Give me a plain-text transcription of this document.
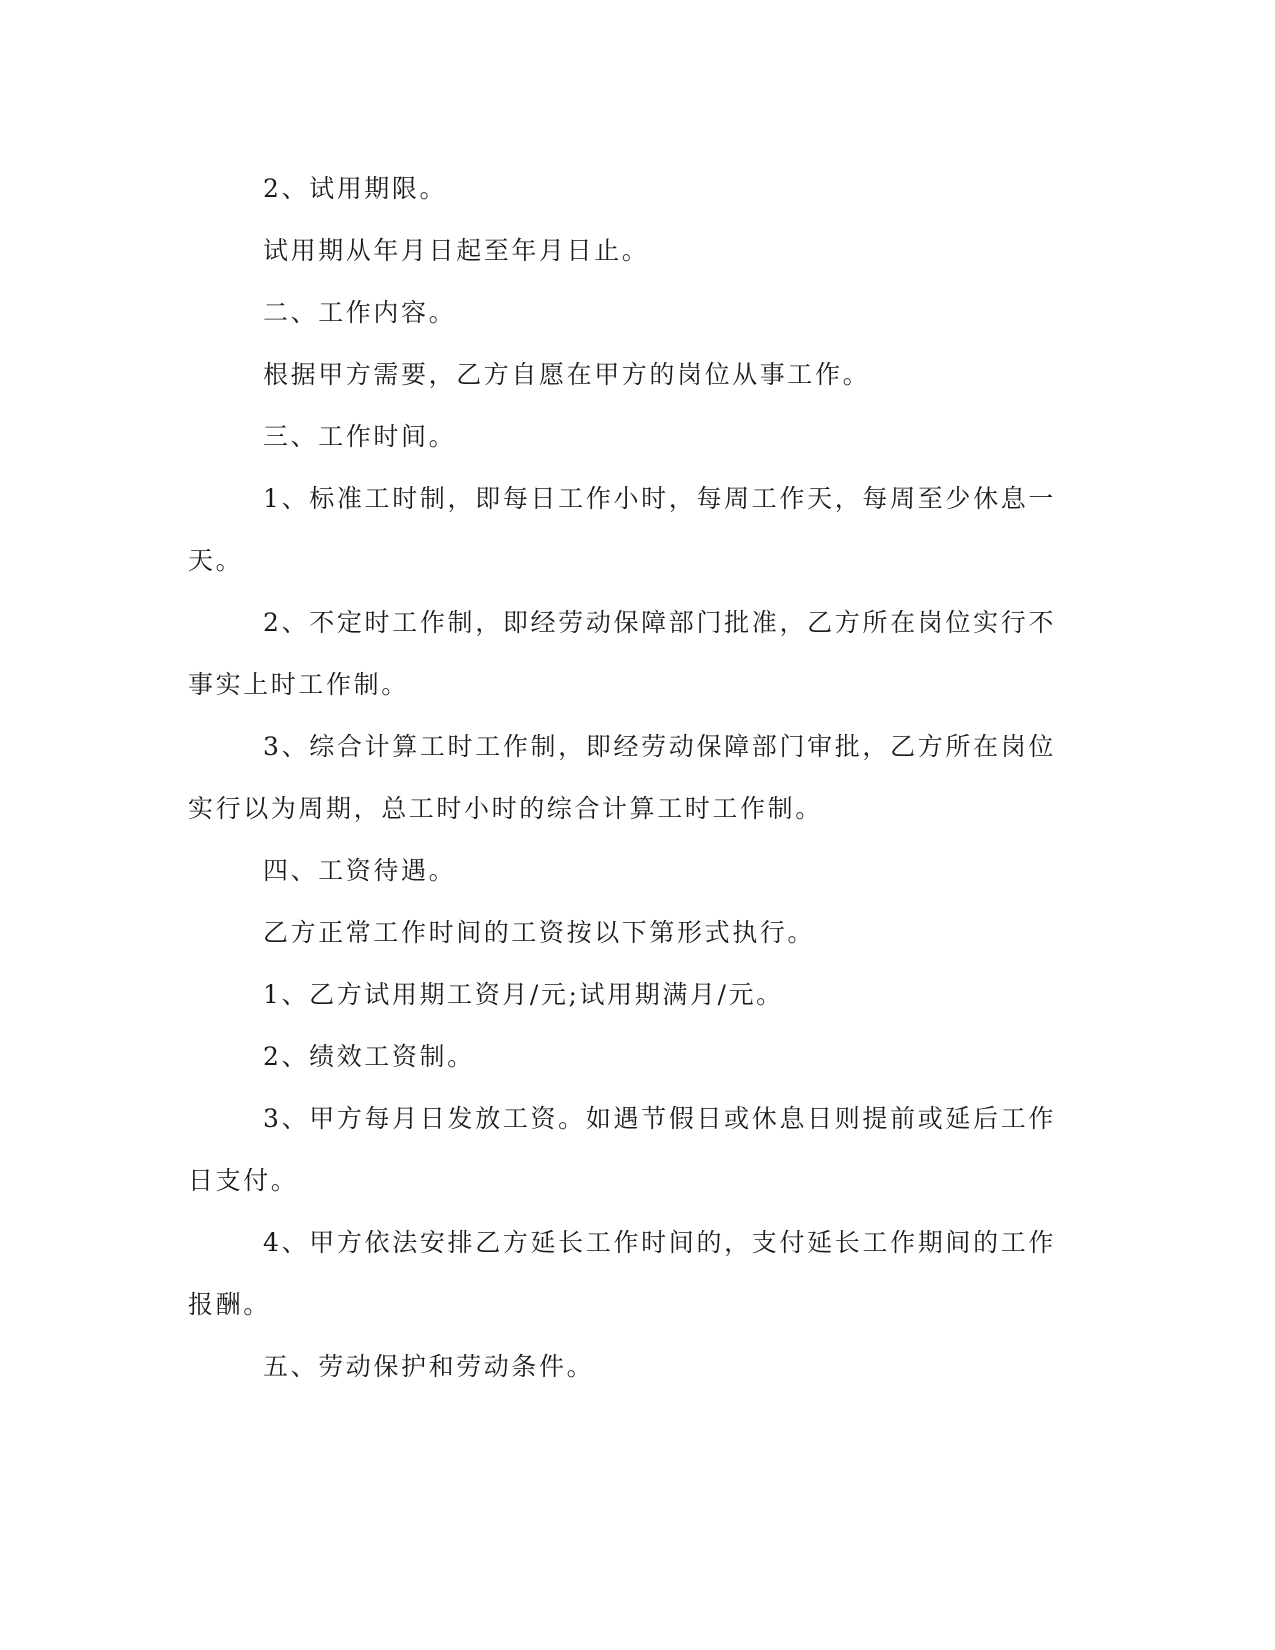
2、试用期限。

试用期从年月日起至年月日止。

二、工作内容。

根据甲方需要，乙方自愿在甲方的岗位从事工作。

三、工作时间。

1、标准工时制，即每日工作小时，每周工作天，每周至少休息一天。

2、不定时工作制，即经劳动保障部门批准，乙方所在岗位实行不事实上时工作制。

3、综合计算工时工作制，即经劳动保障部门审批，乙方所在岗位实行以为周期，总工时小时的综合计算工时工作制。

四、工资待遇。

乙方正常工作时间的工资按以下第形式执行。

1、乙方试用期工资月/元;试用期满月/元。

2、绩效工资制。

3、甲方每月日发放工资。如遇节假日或休息日则提前或延后工作日支付。

4、甲方依法安排乙方延长工作时间的，支付延长工作期间的工作报酬。

五、劳动保护和劳动条件。
